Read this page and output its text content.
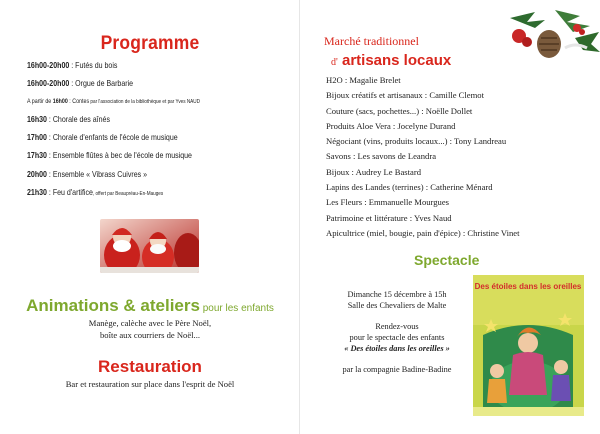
Programme
16h00-20h00 : Futés du bois
16h00-20h00 : Orgue de Barbarie
A partir de 16h00 : Contes par l'association de la bibliothèque et par Yves NAUD
16h30 : Chorale des aînés
17h00 : Chorale d'enfants de l'école de musique
17h30 : Ensemble flûtes à bec de l'école de musique
20h00 : Ensemble « Vibrass Cuivres »
21h30 : Feu d'artifice, offert par Beaupréau-En-Mauges
Animations & ateliers pour les enfants
Manège, calèche avec le Père Noël,
boîte aux courriers de Noël...
Restauration
Bar et restauration sur place dans l'esprit de Noël
Marché traditionnel
d' artisans locaux
H2O : Magalie Brelet
Bijoux créatifs et artisanaux : Camille Clemot
Couture (sacs, pochettes...) : Noëlle Dollet
Produits Aloe Vera : Jocelyne Durand
Négociant (vins, produits locaux...) : Tony Landreau
Savons : Les savons de Leandra
Bijoux : Audrey Le Bastard
Lapins des Landes (terrines) : Catherine Ménard
Les Fleurs : Emmanuelle Mourgues
Patrimoine et littérature : Yves Naud
Apicultrice (miel, bougie, pain d'épice) : Christine Vinet
Spectacle
Dimanche 15 décembre à 15h
Salle des Chevaliers de Malte
Rendez-vous
pour le spectacle des enfants
« Des étoiles dans les oreilles »
par la compagnie Badine-Badine
Des étoiles dans les oreilles
